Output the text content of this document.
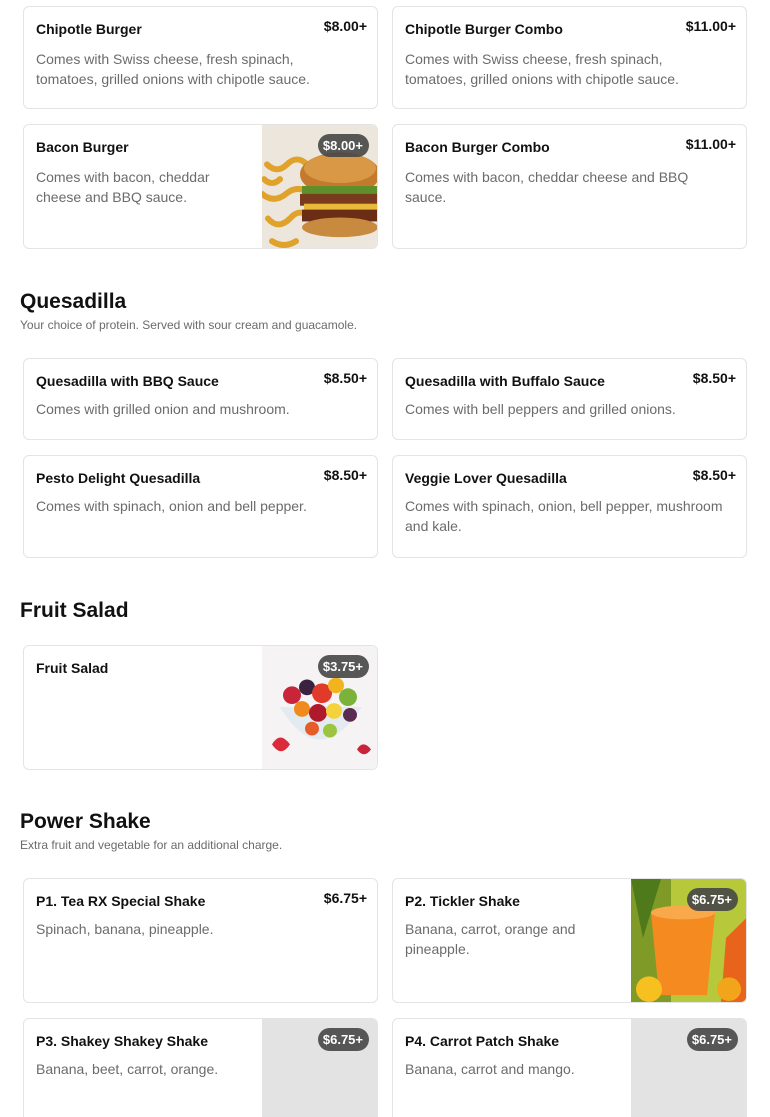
Chipotle Burger
Comes with Swiss cheese, fresh spinach, tomatoes, grilled onions with chipotle sauce.
$8.00+	Chipotle Burger Combo
Comes with Swiss cheese, fresh spinach, tomatoes, grilled onions with chipotle sauce.
$11.00+
Bacon Burger
Comes with bacon, cheddar cheese and BBQ sauce.
$8.00+	Bacon Burger Combo
Comes with bacon, cheddar cheese and BBQ sauce.
$11.00+
Quesadilla
Your choice of protein. Served with sour cream and guacamole.
Quesadilla with BBQ Sauce
Comes with grilled onion and mushroom.
$8.50+	Quesadilla with Buffalo Sauce
Comes with bell peppers and grilled onions.
$8.50+
Pesto Delight Quesadilla
Comes with spinach, onion and bell pepper.
$8.50+	Veggie Lover Quesadilla
Comes with spinach, onion, bell pepper, mushroom and kale.
$8.50+
Fruit Salad
Fruit Salad	$3.75+
Power Shake
Extra fruit and vegetable for an additional charge.
P1. Tea RX Special Shake
Spinach, banana, pineapple.
$6.75+	P2. Tickler Shake
Banana, carrot, orange and pineapple.
$6.75+
P3. Shakey Shakey Shake
Banana, beet, carrot, orange.
$6.75+	P4. Carrot Patch Shake
Banana, carrot and mango.
$6.75+
